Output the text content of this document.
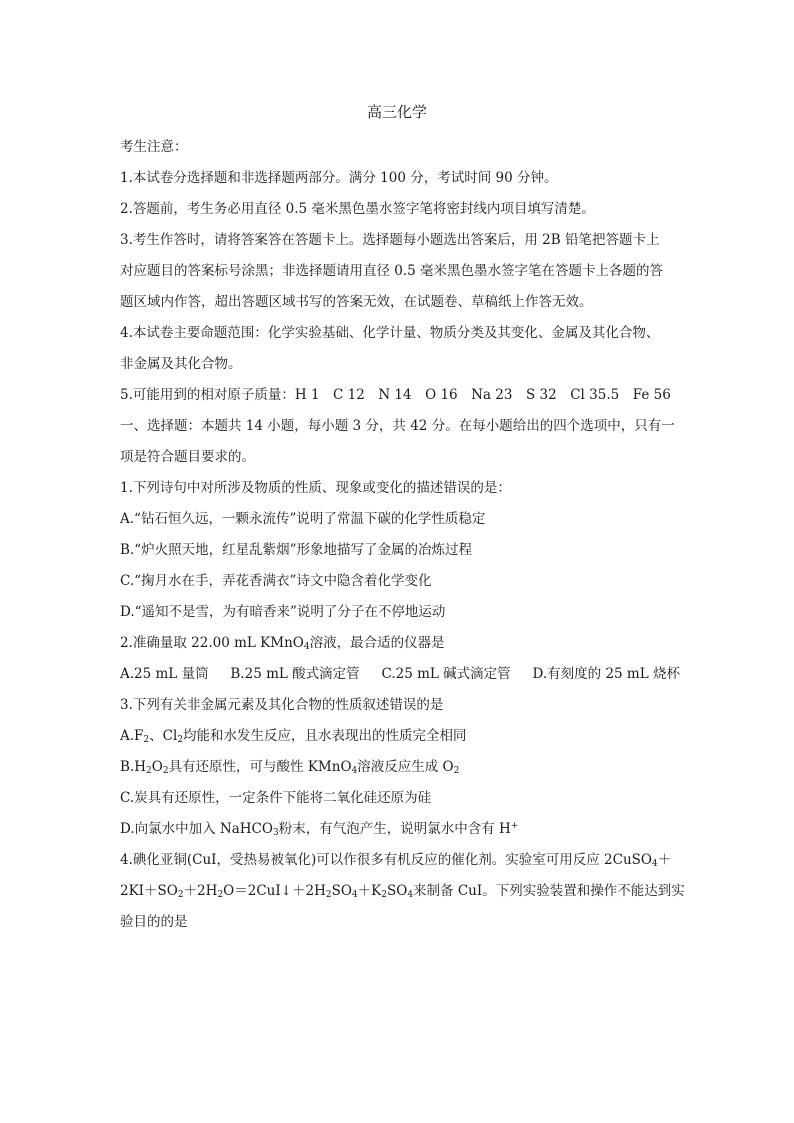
高三化学

考生注意：

1.本试卷分选择题和非选择题两部分。满分 100 分，考试时间 90 分钟。

2.答题前，考生务必用直径 0.5 毫米黑色墨水签字笔将密封线内项目填写清楚。

3.考生作答时，请将答案答在答题卡上。选择题每小题选出答案后，用 2B 铅笔把答题卡上

对应题目的答案标号涂黑；非选择题请用直径 0.5 毫米黑色墨水签字笔在答题卡上各题的答

题区域内作答，超出答题区域书写的答案无效，在试题卷、草稿纸上作答无效。

4.本试卷主要命题范围：化学实验基础、化学计量、物质分类及其变化、金属及其化合物、

非金属及其化合物。

5.可能用到的相对原子质量：H 1　C 12　N 14　O 16　Na 23　S 32　Cl 35.5　Fe 56

一、选择题：本题共 14 小题，每小题 3 分，共 42 分。在每小题给出的四个选项中，只有一

项是符合题目要求的。

1.下列诗句中对所涉及物质的性质、现象或变化的描述错误的是：

A.“钻石恒久远，一颗永流传”说明了常温下碳的化学性质稳定

B.“炉火照天地，红星乱紫烟”形象地描写了金属的冶炼过程

C.“掬月水在手，弄花香满衣”诗文中隐含着化学变化

D.“遥知不是雪，为有暗香来”说明了分子在不停地运动

2.准确量取 22.00 mL KMnO$_4$溶液，最合适的仪器是

A.25 mL 量筒 B.25 mL 酸式滴定管 C.25 mL 碱式滴定管 D.有刻度的 25 mL 烧杯

3.下列有关非金属元素及其化合物的性质叙述错误的是

$A.F_2$、$Cl_2$均能和水发生反应，且水表现出的性质完全相同

$B.H_2O_2$具有还原性，可与酸性 KMnO$_4$溶液反应生成 $O_2$

C.炭具有还原性，一定条件下能将二氧化硅还原为硅

D.向氯水中加入 NaHCO$_3$粉末，有气泡产生，说明氯水中含有 H+

4.碘化亚铜(CuI，受热易被氧化)可以作很多有机反应的催化剂。实验室可用反应 2CuSO$_4$＋

$2KI+SO_2+2H_2O=2CuI↓+2H_2SO_4+K_2SO_4$来制备 CuI。下列实验装置和操作不能达到实

验目的的是
